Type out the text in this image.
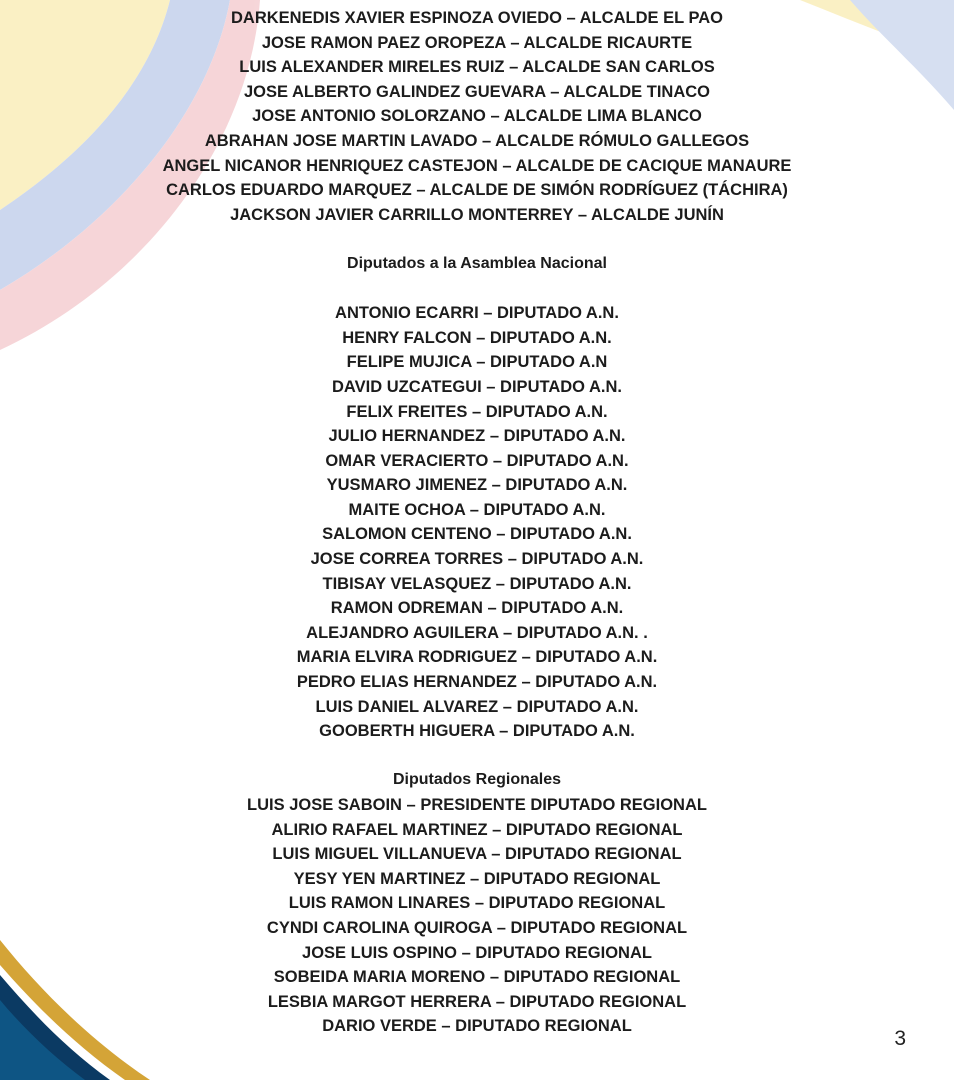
DARKENEDIS XAVIER ESPINOZA OVIEDO – ALCALDE EL PAO
JOSE RAMON PAEZ OROPEZA – ALCALDE RICAURTE
LUIS ALEXANDER MIRELES RUIZ – ALCALDE SAN CARLOS
JOSE ALBERTO GALINDEZ GUEVARA – ALCALDE TINACO
JOSE ANTONIO SOLORZANO – ALCALDE LIMA BLANCO
ABRAHAN JOSE MARTIN LAVADO – ALCALDE RÓMULO GALLEGOS
ANGEL NICANOR HENRIQUEZ CASTEJON – ALCALDE DE CACIQUE MANAURE
CARLOS EDUARDO MARQUEZ – ALCALDE DE SIMÓN RODRÍGUEZ (TÁCHIRA)
JACKSON JAVIER CARRILLO MONTERREY – ALCALDE JUNÍN
Diputados a la Asamblea Nacional
ANTONIO ECARRI – DIPUTADO A.N.
HENRY FALCON – DIPUTADO A.N.
FELIPE MUJICA – DIPUTADO A.N
DAVID UZCATEGUI – DIPUTADO A.N.
FELIX FREITES – DIPUTADO A.N.
JULIO HERNANDEZ – DIPUTADO A.N.
OMAR VERACIERTO – DIPUTADO A.N.
YUSMARO JIMENEZ – DIPUTADO A.N.
MAITE OCHOA – DIPUTADO A.N.
SALOMON CENTENO – DIPUTADO A.N.
JOSE CORREA TORRES – DIPUTADO A.N.
TIBISAY VELASQUEZ – DIPUTADO A.N.
RAMON ODREMAN – DIPUTADO A.N.
ALEJANDRO AGUILERA – DIPUTADO A.N. .
MARIA ELVIRA RODRIGUEZ – DIPUTADO A.N.
PEDRO ELIAS HERNANDEZ – DIPUTADO A.N.
LUIS DANIEL ALVAREZ – DIPUTADO A.N.
GOOBERTH HIGUERA – DIPUTADO A.N.
Diputados Regionales
LUIS JOSE SABOIN – PRESIDENTE DIPUTADO REGIONAL
ALIRIO RAFAEL MARTINEZ – DIPUTADO REGIONAL
LUIS MIGUEL VILLANUEVA – DIPUTADO REGIONAL
YESY YEN MARTINEZ – DIPUTADO REGIONAL
LUIS RAMON LINARES – DIPUTADO REGIONAL
CYNDI CAROLINA QUIROGA – DIPUTADO REGIONAL
JOSE LUIS OSPINO – DIPUTADO REGIONAL
SOBEIDA MARIA MORENO – DIPUTADO REGIONAL
LESBIA MARGOT HERRERA – DIPUTADO REGIONAL
DARIO VERDE – DIPUTADO REGIONAL
3
